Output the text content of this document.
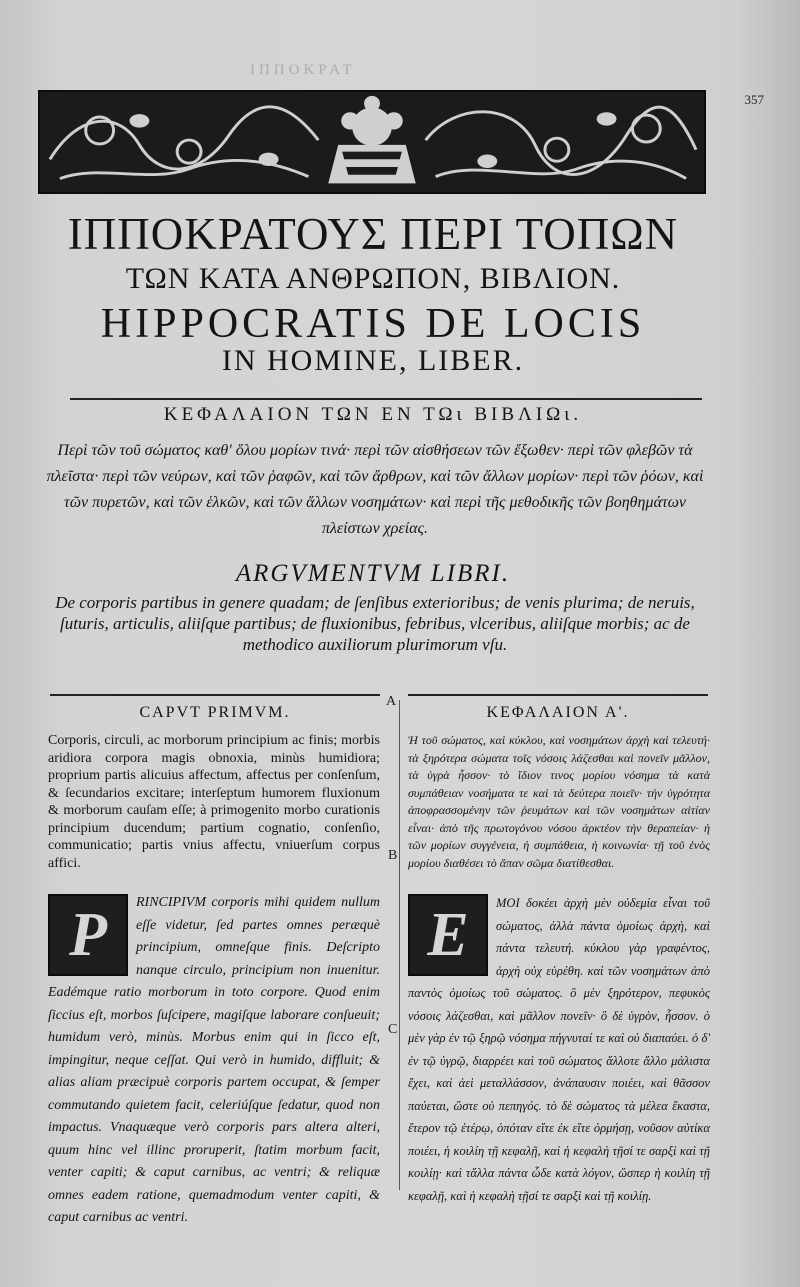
ΙΠΠΟΚΡΑΤ
357
ΙΠΠΟΚΡΑΤΟΥΣ ΠΕΡΙ ΤΟΠΩΝ
ΤΩΝ ΚΑΤΑ ΑΝΘΡΩΠΟΝ, ΒΙΒΛΙΟΝ.
HIPPOCRATIS DE LOCIS
IN HOMINE, LIBER.
ΚΕΦΑΛΑΙΟΝ ΤΩΝ ΕΝ ΤΩι ΒΙΒΛΙΩι.
Περὶ τῶν τοῦ σώματος καθ' ὅλου μορίων τινά· περὶ τῶν αἰσθήσεων τῶν ἔξωθεν· περὶ τῶν φλεβῶν τὰ πλεῖστα· περὶ τῶν νεύρων, καὶ τῶν ῥαφῶν, καὶ τῶν ἄρθρων, καὶ τῶν ἄλλων μορίων· περὶ τῶν ῥόων, καὶ τῶν πυρετῶν, καὶ τῶν ἑλκῶν, καὶ τῶν ἄλλων νοσημάτων· καὶ περὶ τῆς μεθοδικῆς τῶν βοηθημάτων πλείστων χρείας.
ARGVMENTVM LIBRI.
De corporis partibus in genere quadam; de ſenſibus exterioribus; de venis plurima; de neruis, ſuturis, articulis, aliiſque partibus; de fluxionibus, febribus, vlceribus, aliiſque morbis; ac de methodico auxiliorum plurimorum vſu.
A
B
C
CAPVT PRIMVM.
Corporis, circuli, ac morborum principium ac finis; morbis aridiora corpora magis obnoxia, minùs humidiora; proprium partis alicuius affectum, affectus per conſenſum, & ſecundarios excitare; interſeptum humorem fluxionum & morborum cauſam eſſe; à primogenito morbo curationis principium ducendum; partium cognatio, conſenſio, communicatio; partis vnius affectu, vniuerſum corpus affici.
P	RINCIPIVM corporis mihi quidem nullum eſſe videtur, ſed partes omnes peræquè principium, omneſque finis. Deſcripto nanque circulo, principium non inuenitur. Eadémque ratio morborum in toto corpore. Quod enim ſiccius eſt, morbos ſuſcipere, magiſque laborare conſueuit; humidum verò, minùs. Morbus enim qui in ſicco eſt, impingitur, neque ceſſat. Qui verò in humido, diffluit; & alias aliam præcipuè corporis partem occupat, & ſemper commutando quietem facit, celeriúſque ſedatur, quod non impactus. Vnaquæque verò corporis pars altera alteri, quum hinc vel illinc proruperit, ſtatim morbum facit, venter capiti; & caput carnibus, ac ventri; & reliquæ omnes eadem ratione, quemadmodum venter capiti, & caput carnibus ac ventri.
ΚΕΦΑΛΑΙΟΝ Α'.
Ἡ τοῦ σώματος, καὶ κύκλου, καὶ νοσημάτων ἀρχὴ καὶ τελευτή· τὰ ξηρότερα σώματα τοῖς νόσοις λάζεσθαι καὶ πονεῖν μᾶλλον, τὰ ὑγρὰ ἧσσον· τὸ ἴδιον τινος μορίου νόσημα τὰ κατὰ συμπάθειαν νοσήματα τε καὶ τὰ δεύτερα ποιεῖν· τὴν ὑγρότητα ἀποφρασσομένην τῶν ῥευμάτων καὶ τῶν νοσημάτων αἰτίαν εἶναι· ἀπὸ τῆς πρωτογόνου νόσου ἀρκτέον τὴν θεραπείαν· ἡ τῶν μορίων συγγένεια, ἡ συμπάθεια, ἡ κοινωνία· τῇ τοῦ ἑνὸς μορίου διαθέσει τὸ ἅπαν σῶμα διατίθεσθαι.
Ε	ΜΟΙ δοκέει ἀρχὴ μὲν οὐδεμία εἶναι τοῦ σώματος, ἀλλὰ πάντα ὁμοίως ἀρχὴ, καὶ πάντα τελευτή. κύκλου γὰρ γραφέντος, ἀρχὴ οὐχ εὑρέθη. καὶ τῶν νοσημάτων ἀπὸ παντὸς ὁμοίως τοῦ σώματος. ὃ μὲν ξηρότερον, πεφυκὸς νόσοις λάζεσθαι, καὶ μᾶλλον πονεῖν· ὃ δὲ ὑγρὸν, ἧσσον. ὁ μὲν γὰρ ἐν τῷ ξηρῷ νόσημα πήγνυταί τε καὶ οὐ διαπαύει. ὁ δ' ἐν τῷ ὑγρῷ, διαρρέει καὶ τοῦ σώματος ἄλλοτε ἄλλο μάλιστα ἔχει, καὶ ἀεὶ μεταλλάσσον, ἀνάπαυσιν ποιέει, καὶ θᾶσσον παύεται, ὥστε οὐ πεπηγός. τὸ δὲ σώματος τὰ μέλεα ἕκαστα, ἕτερον τῷ ἑτέρῳ, ὁπόταν εἴτε ἐκ εἴτε ὁρμήσῃ, νοῦσον αὐτίκα ποιέει, ἡ κοιλίη τῇ κεφαλῇ, καὶ ἡ κεφαλὴ τῇσί τε σαρξὶ καὶ τῇ κοιλίῃ· καὶ τἄλλα πάντα ὧδε κατὰ λόγον, ὥσπερ ἡ κοιλίη τῇ κεφαλῇ, καὶ ἡ κεφαλὴ τῇσί τε σαρξὶ καὶ τῇ κοιλίῃ.
